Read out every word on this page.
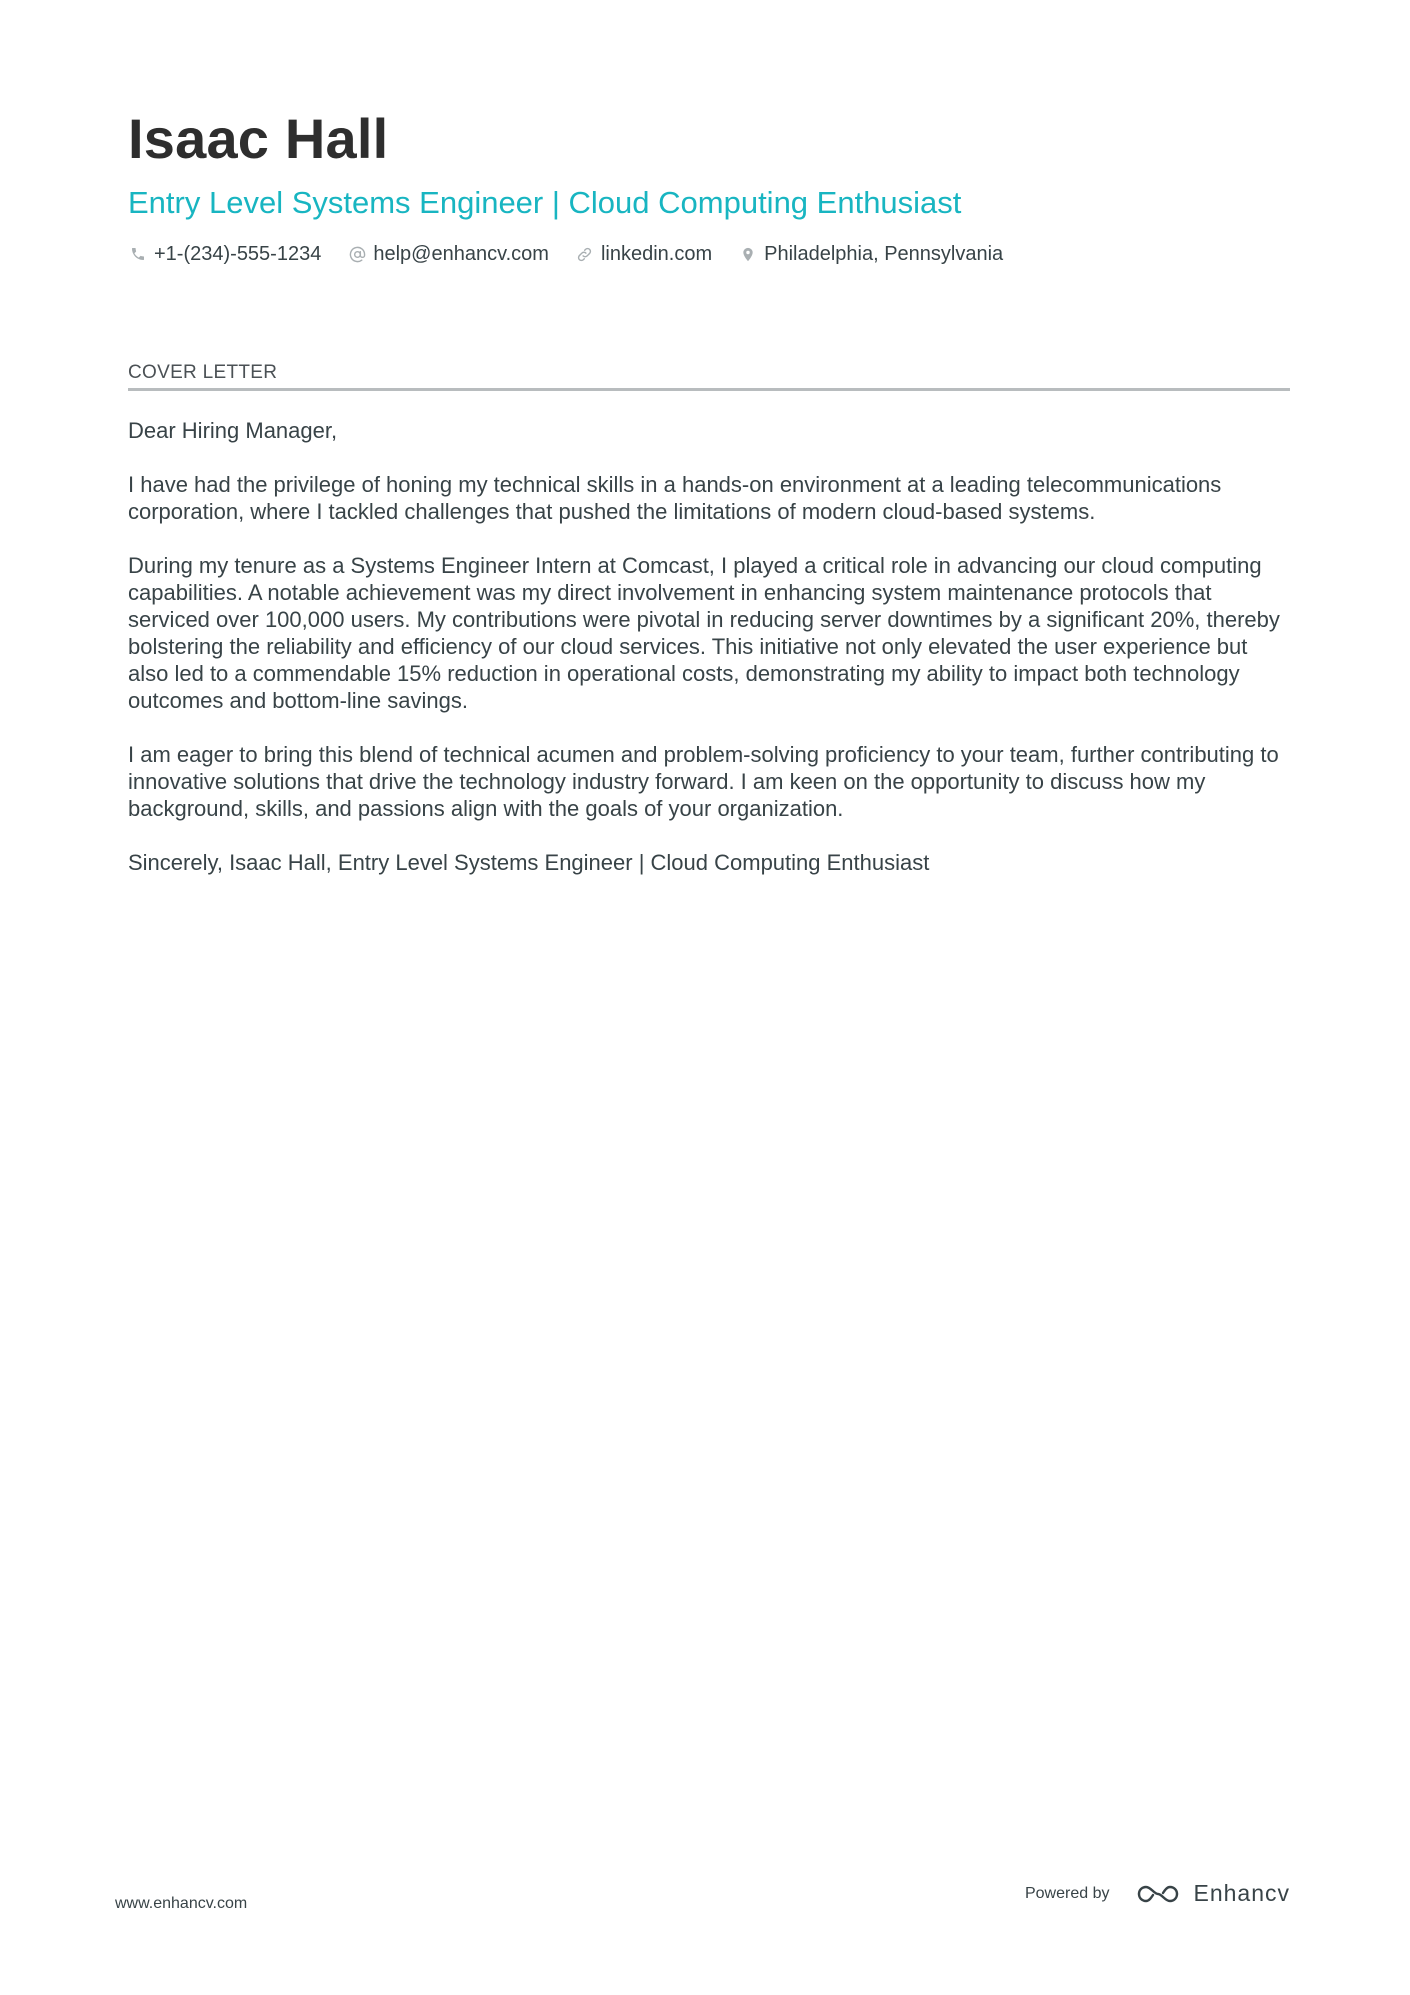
Isaac Hall
Entry Level Systems Engineer | Cloud Computing Enthusiast
+1-(234)-555-1234	help@enhancv.com	linkedin.com	Philadelphia, Pennsylvania
COVER LETTER

Dear Hiring Manager,

I have had the privilege of honing my technical skills in a hands-on environment at a leading telecommunications corporation, where I tackled challenges that pushed the limitations of modern cloud-based systems.

During my tenure as a Systems Engineer Intern at Comcast, I played a critical role in advancing our cloud computing capabilities. A notable achievement was my direct involvement in enhancing system maintenance protocols that serviced over 100,000 users. My contributions were pivotal in reducing server downtimes by a significant 20%, thereby bolstering the reliability and efficiency of our cloud services. This initiative not only elevated the user experience but also led to a commendable 15% reduction in operational costs, demonstrating my ability to impact both technology outcomes and bottom-line savings.

I am eager to bring this blend of technical acumen and problem-solving proficiency to your team, further contributing to innovative solutions that drive the technology industry forward. I am keen on the opportunity to discuss how my background, skills, and passions align with the goals of your organization.

Sincerely, Isaac Hall, Entry Level Systems Engineer | Cloud Computing Enthusiast

www.enhancv.com
Powered by	Enhancv
